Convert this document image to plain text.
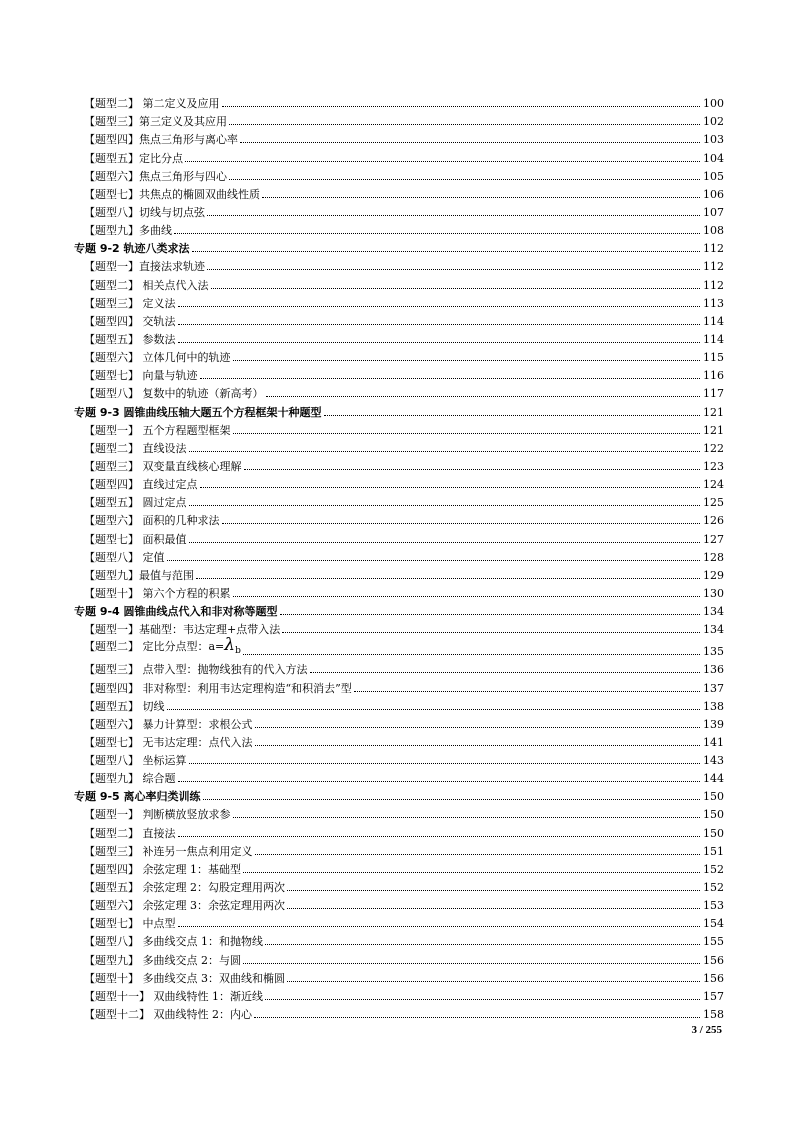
【题型二】 第二定义及应用	100
【题型三】第三定义及其应用	102
【题型四】焦点三角形与离心率	103
【题型五】定比分点	104
【题型六】焦点三角形与四心	105
【题型七】共焦点的椭圆双曲线性质	106
【题型八】切线与切点弦	107
【题型九】多曲线	108
专题 9-2 轨迹八类求法	112
【题型一】直接法求轨迹	112
【题型二】 相关点代入法	112
【题型三】 定义法	113
【题型四】 交轨法	114
【题型五】 参数法	114
【题型六】 立体几何中的轨迹	115
【题型七】 向量与轨迹	116
【题型八】 复数中的轨迹（新高考）	117
专题 9-3 圆锥曲线压轴大题五个方程框架十种题型	121
【题型一】 五个方程题型框架	121
【题型二】 直线设法	122
【题型三】 双变量直线核心理解	123
【题型四】 直线过定点	124
【题型五】 圆过定点	125
【题型六】 面积的几种求法	126
【题型七】 面积最值	127
【题型八】 定值	128
【题型九】最值与范围	129
【题型十】 第六个方程的积累	130
专题 9-4 圆锥曲线点代入和非对称等题型	134
【题型一】基础型：韦达定理+点带入法	134
【题型二】 定比分点型：$a=\lambda_b$	135
【题型三】 点带入型：抛物线独有的代入方法	136
【题型四】 非对称型：利用韦达定理构造“和积消去”型	137
【题型五】 切线	138
【题型六】 暴力计算型：求根公式	139
【题型七】 无韦达定理：点代入法	141
【题型八】 坐标运算	143
【题型九】 综合题	144
专题 9-5 离心率归类训练	150
【题型一】 判断横放竖放求参	150
【题型二】 直接法	150
【题型三】 补连另一焦点利用定义	151
【题型四】 余弦定理 1：基础型	152
【题型五】 余弦定理 2：勾股定理用两次	152
【题型六】 余弦定理 3：余弦定理用两次	153
【题型七】 中点型	154
【题型八】 多曲线交点 1：和抛物线	155
【题型九】 多曲线交点 2：与圆	156
【题型十】 多曲线交点 3：双曲线和椭圆	156
【题型十一】 双曲线特性 1：渐近线	157
【题型十二】 双曲线特性 2：内心	158
3 / 255
